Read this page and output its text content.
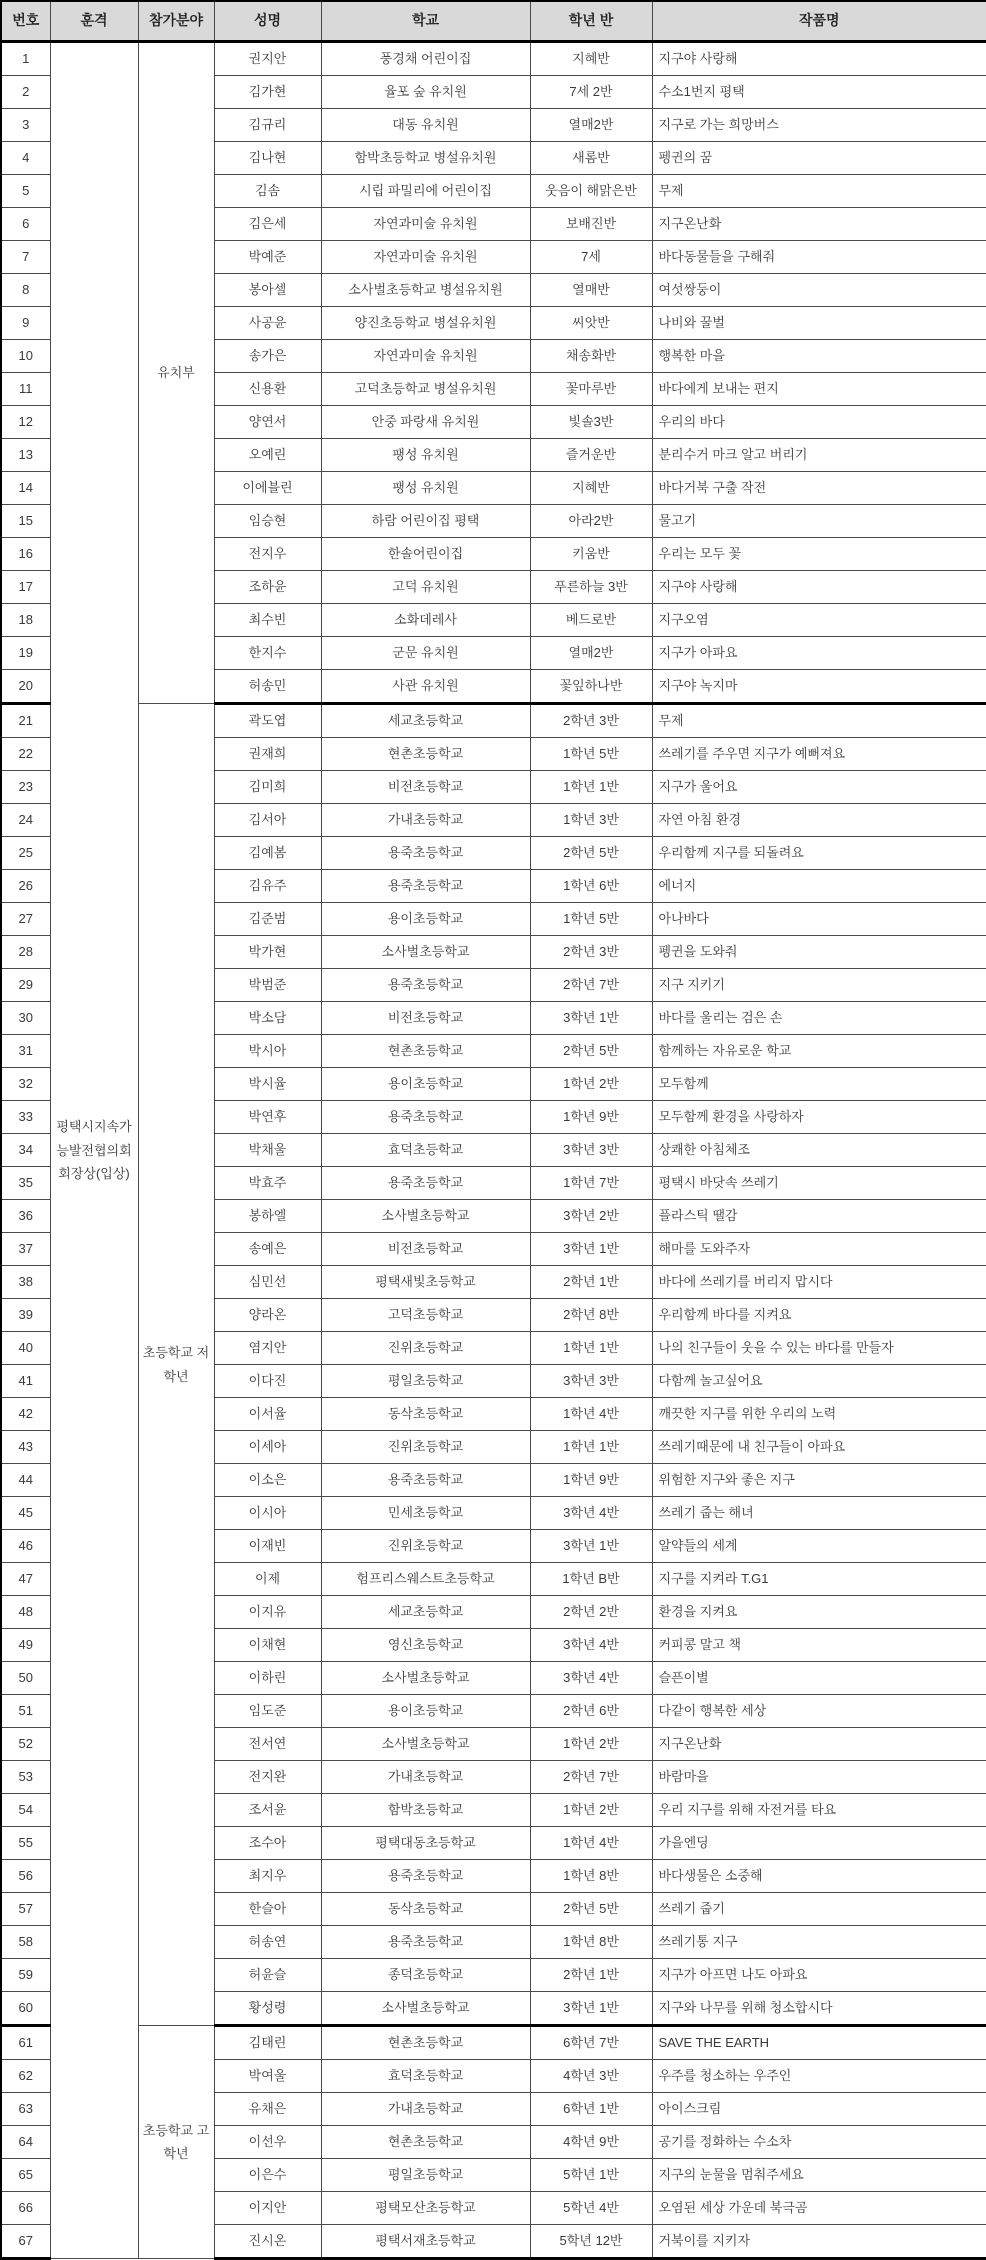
번호	훈격	참가분야	성명	학교	학년 반	작품명
1	평택시지속가능발전협의회 회장상(입상)	유치부	권지안	풍경채 어린이집	지혜반	지구야 사랑해
2			김가현	율포 숲 유치원	7세 2반	수소1번지 평택
3			김규리	대동 유치원	열매2반	지구로 가는 희망버스
4			김나현	함박초등학교 병설유치원	새롬반	펭귄의 꿈
5			김솜	시립 파밀리에 어린이집	웃음이 해맑은반	무제
6			김은세	자연과미술 유치원	보배진반	지구온난화
7			박예준	자연과미술 유치원	7세	바다동물들을 구해줘
8			봉아셀	소사벌초등학교 병설유치원	열매반	여섯쌍둥이
9			사공윤	양진초등학교 병설유치원	씨앗반	나비와 꿀벌
10			송가은	자연과미술 유치원	채송화반	행복한 마을
11			신용환	고덕초등학교 병설유치원	꽃마루반	바다에게 보내는 편지
12			양연서	안중 파랑새 유치원	빛솔3반	우리의 바다
13			오예린	팽성 유치원	즐거운반	분리수거 마크 알고 버리기
14			이에블린	팽성 유치원	지혜반	바다거북 구출 작전
15			임승현	하람 어린이집 평택	아라2반	물고기
16			전지우	한솔어린이집	키움반	우리는 모두 꽃
17			조하윤	고덕 유치원	푸른하늘 3반	지구야 사랑해
18			최수빈	소화데레사	베드로반	지구오염
19			한지수	군문 유치원	열매2반	지구가 아파요
20			허송민	사관 유치원	꽃잎하나반	지구야 녹지마
21		초등학교 저학년	곽도엽	세교초등학교	2학년 3반	무제
22			권재희	현촌초등학교	1학년 5반	쓰레기를 주우면 지구가 예뻐져요
23			김미희	비전초등학교	1학년 1반	지구가 울어요
24			김서아	가내초등학교	1학년 3반	자연 아침 환경
25			김예봄	용죽초등학교	2학년 5반	우리함께 지구를 되돌려요
26			김유주	용죽초등학교	1학년 6반	에너지
27			김준범	용이초등학교	1학년 5반	아나바다
28			박가현	소사벌초등학교	2학년 3반	펭귄을 도와줘
29			박범준	용죽초등학교	2학년 7반	지구 지키기
30			박소담	비전초등학교	3학년 1반	바다를 울리는 검은 손
31			박시아	현촌초등학교	2학년 5반	함께하는 자유로운 학교
32			박시율	용이초등학교	1학년 2반	모두함께
33			박연후	용죽초등학교	1학년 9반	모두함께 환경을 사랑하자
34			박채울	효덕초등학교	3학년 3반	상쾌한 아침체조
35			박효주	용죽초등학교	1학년 7반	평택시 바닷속 쓰레기
36			봉하엘	소사벌초등학교	3학년 2반	플라스틱 땔감
37			송예은	비전초등학교	3학년 1반	해마를 도와주자
38			심민선	평택새빛초등학교	2학년 1반	바다에 쓰레기를 버리지 맙시다
39			양라온	고덕초등학교	2학년 8반	우리함께 바다를 지켜요
40			염지안	진위초등학교	1학년 1반	나의 친구들이 웃을 수 있는 바다를 만들자
41			이다진	평일초등학교	3학년 3반	다함께 놀고싶어요
42			이서율	동삭초등학교	1학년 4반	깨끗한 지구를 위한 우리의 노력
43			이세아	진위초등학교	1학년 1반	쓰레기때문에 내 친구들이 아파요
44			이소은	용죽초등학교	1학년 9반	위험한 지구와 좋은 지구
45			이시아	민세초등학교	3학년 4반	쓰레기 줍는 해녀
46			이재빈	진위초등학교	3학년 1반	알약들의 세계
47			이제	험프리스웨스트초등학교	1학년 B반	지구를 지켜라 T.G1
48			이지유	세교초등학교	2학년 2반	환경을 지켜요
49			이채현	영신초등학교	3학년 4반	커피콩 말고 책
50			이하린	소사벌초등학교	3학년 4반	슬픈이별
51			임도준	용이초등학교	2학년 6반	다같이 행복한 세상
52			전서연	소사벌초등학교	1학년 2반	지구온난화
53			전지완	가내초등학교	2학년 7반	바람마을
54			조서윤	함박초등학교	1학년 2반	우리 지구를 위해 자전거를 타요
55			조수아	평택대동초등학교	1학년 4반	가을엔딩
56			최지우	용죽초등학교	1학년 8반	바다생물은 소중해
57			한슬아	동삭초등학교	2학년 5반	쓰레기 줍기
58			허송연	용죽초등학교	1학년 8반	쓰레기통 지구
59			허윤슬	종덕초등학교	2학년 1반	지구가 아프면 나도 아파요
60			황성령	소사벌초등학교	3학년 1반	지구와 나무를 위해 청소합시다
61		초등학교 고학년	김태린	현촌초등학교	6학년 7반	SAVE THE EARTH
62			박여울	효덕초등학교	4학년 3반	우주를 청소하는 우주인
63			유채은	가내초등학교	6학년 1반	아이스크림
64			이선우	현촌초등학교	4학년 9반	공기를 정화하는 수소차
65			이은수	평일초등학교	5학년 1반	지구의 눈물을 멈춰주세요
66			이지안	평택모산초등학교	5학년 4반	오염된 세상 가운데 북극곰
67			진시온	평택서재초등학교	5학년 12반	거북이를 지키자
